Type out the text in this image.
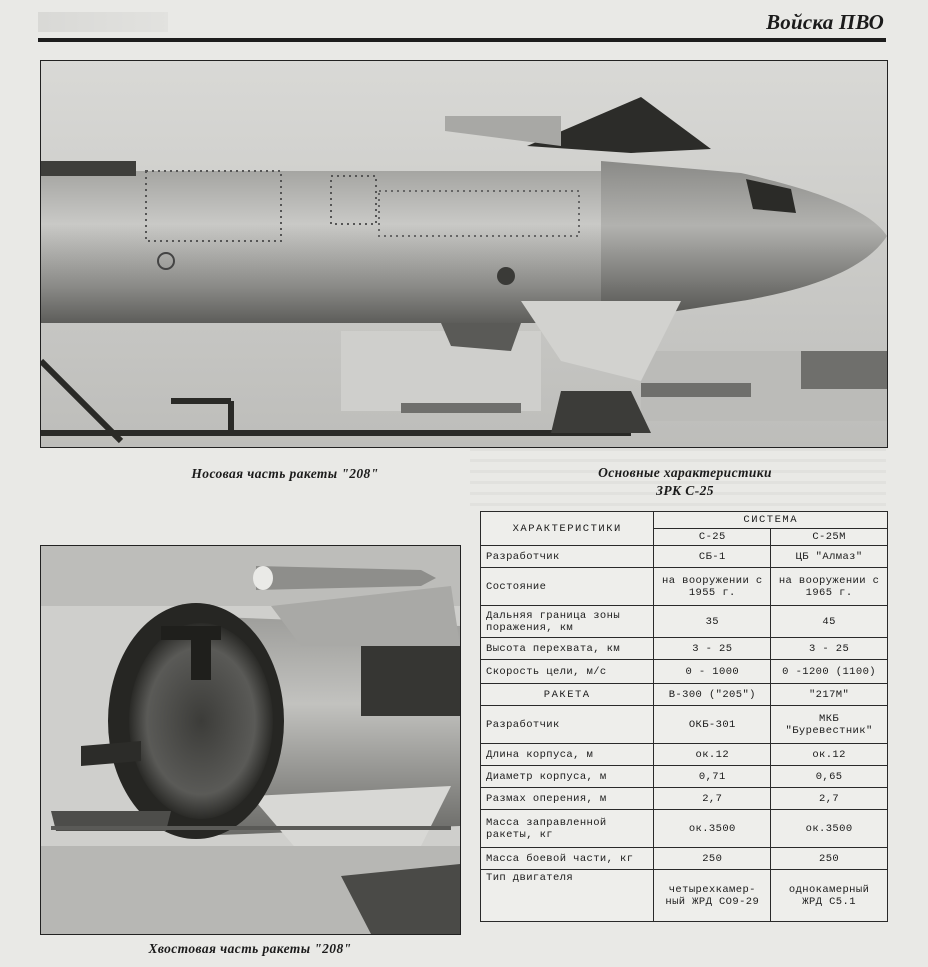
Войска ПВО
Носовая часть ракеты "208"	Основные характеристики
ЗРК С-25
Хвостовая часть ракеты "208"
ХАРАКТЕРИСТИКИ	СИСТЕМА	
	С-25	С-25М
Разработчик	СБ-1	ЦБ "Алмаз"
Состояние	на вооружении с 1955 г.	на вооружении с 1965 г.
Дальняя граница зоны поражения, км	35	45
Высота перехвата, км	3 - 25	3 - 25
Скорость цели, м/с	0 - 1000	0 -1200 (1100)
РАКЕТА	В-300 ("205")	"217М"
Разработчик	ОКБ-301	МКБ "Буревестник"
Длина корпуса, м	ок.12	ок.12
Диаметр корпуса, м	0,71	0,65
Размах оперения, м	2,7	2,7
Масса заправленной ракеты, кг	ок.3500	ок.3500
Масса боевой части, кг	250	250
Тип двигателя	четырехкамер-ный ЖРД СО9-29	однокамерный ЖРД С5.1
